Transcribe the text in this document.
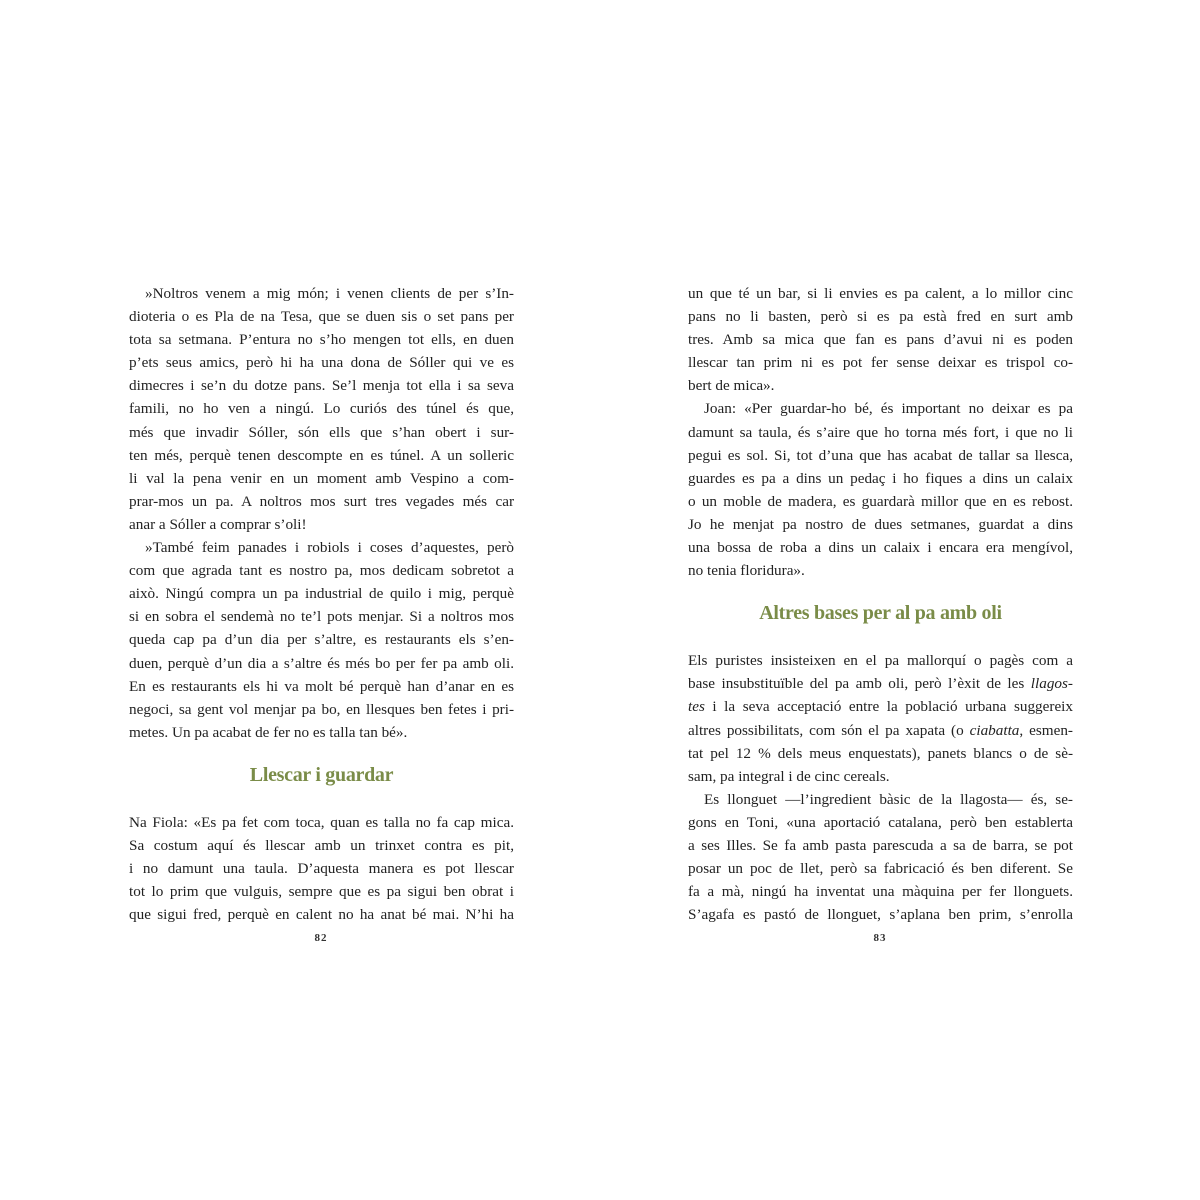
»Noltros venem a mig món; i venen clients de per s’In-
dioteria o es Pla de na Tesa, que se duen sis o set pans per
tota sa setmana. P’entura no s’ho mengen tot ells, en duen
p’ets seus amics, però hi ha una dona de Sóller qui ve es
dimecres i se’n du dotze pans. Se’l menja tot ella i sa seva
famili, no ho ven a ningú. Lo curiós des túnel és que,
més que invadir Sóller, són ells que s’han obert i sur-
ten més, perquè tenen descompte en es túnel. A un solleric
li val la pena venir en un moment amb Vespino a com-
prar-mos un pa. A noltros mos surt tres vegades més car
anar a Sóller a comprar s’oli!
»També feim panades i robiols i coses d’aquestes, però
com que agrada tant es nostro pa, mos dedicam sobretot a
això. Ningú compra un pa industrial de quilo i mig, perquè
si en sobra el sendemà no te’l pots menjar. Si a noltros mos
queda cap pa d’un dia per s’altre, es restaurants els s’en-
duen, perquè d’un dia a s’altre és més bo per fer pa amb oli.
En es restaurants els hi va molt bé perquè han d’anar en es
negoci, sa gent vol menjar pa bo, en llesques ben fetes i pri-
metes. Un pa acabat de fer no es talla tan bé».
Llescar i guardar
Na Fiola: «Es pa fet com toca, quan es talla no fa cap mica.
Sa costum aquí és llescar amb un trinxet contra es pit,
i no damunt una taula. D’aquesta manera es pot llescar
tot lo prim que vulguis, sempre que es pa sigui ben obrat i
que sigui fred, perquè en calent no ha anat bé mai. N’hi ha
un que té un bar, si li envies es pa calent, a lo millor cinc
pans no li basten, però si es pa està fred en surt amb
tres. Amb sa mica que fan es pans d’avui ni es poden
llescar tan prim ni es pot fer sense deixar es trispol co-
bert de mica».
Joan: «Per guardar-ho bé, és important no deixar es pa
damunt sa taula, és s’aire que ho torna més fort, i que no li
pegui es sol. Si, tot d’una que has acabat de tallar sa llesca,
guardes es pa a dins un pedaç i ho fiques a dins un calaix
o un moble de madera, es guardarà millor que en es rebost.
Jo he menjat pa nostro de dues setmanes, guardat a dins
una bossa de roba a dins un calaix i encara era mengívol,
no tenia floridura».
Altres bases per al pa amb oli
Els puristes insisteixen en el pa mallorquí o pagès com a
base insubstituïble del pa amb oli, però l’èxit de les llagos-
tes i la seva acceptació entre la població urbana suggereix
altres possibilitats, com són el pa xapata (o ciabatta, esmen-
tat pel 12 % dels meus enquestats), panets blancs o de sè-
sam, pa integral i de cinc cereals.
Es llonguet —l’ingredient bàsic de la llagosta— és, se-
gons en Toni, «una aportació catalana, però ben establerta
a ses Illes. Se fa amb pasta parescuda a sa de barra, se pot
posar un poc de llet, però sa fabricació és ben diferent. Se
fa a mà, ningú ha inventat una màquina per fer llonguets.
S’agafa es pastó de llonguet, s’aplana ben prim, s’enrolla
82	83
